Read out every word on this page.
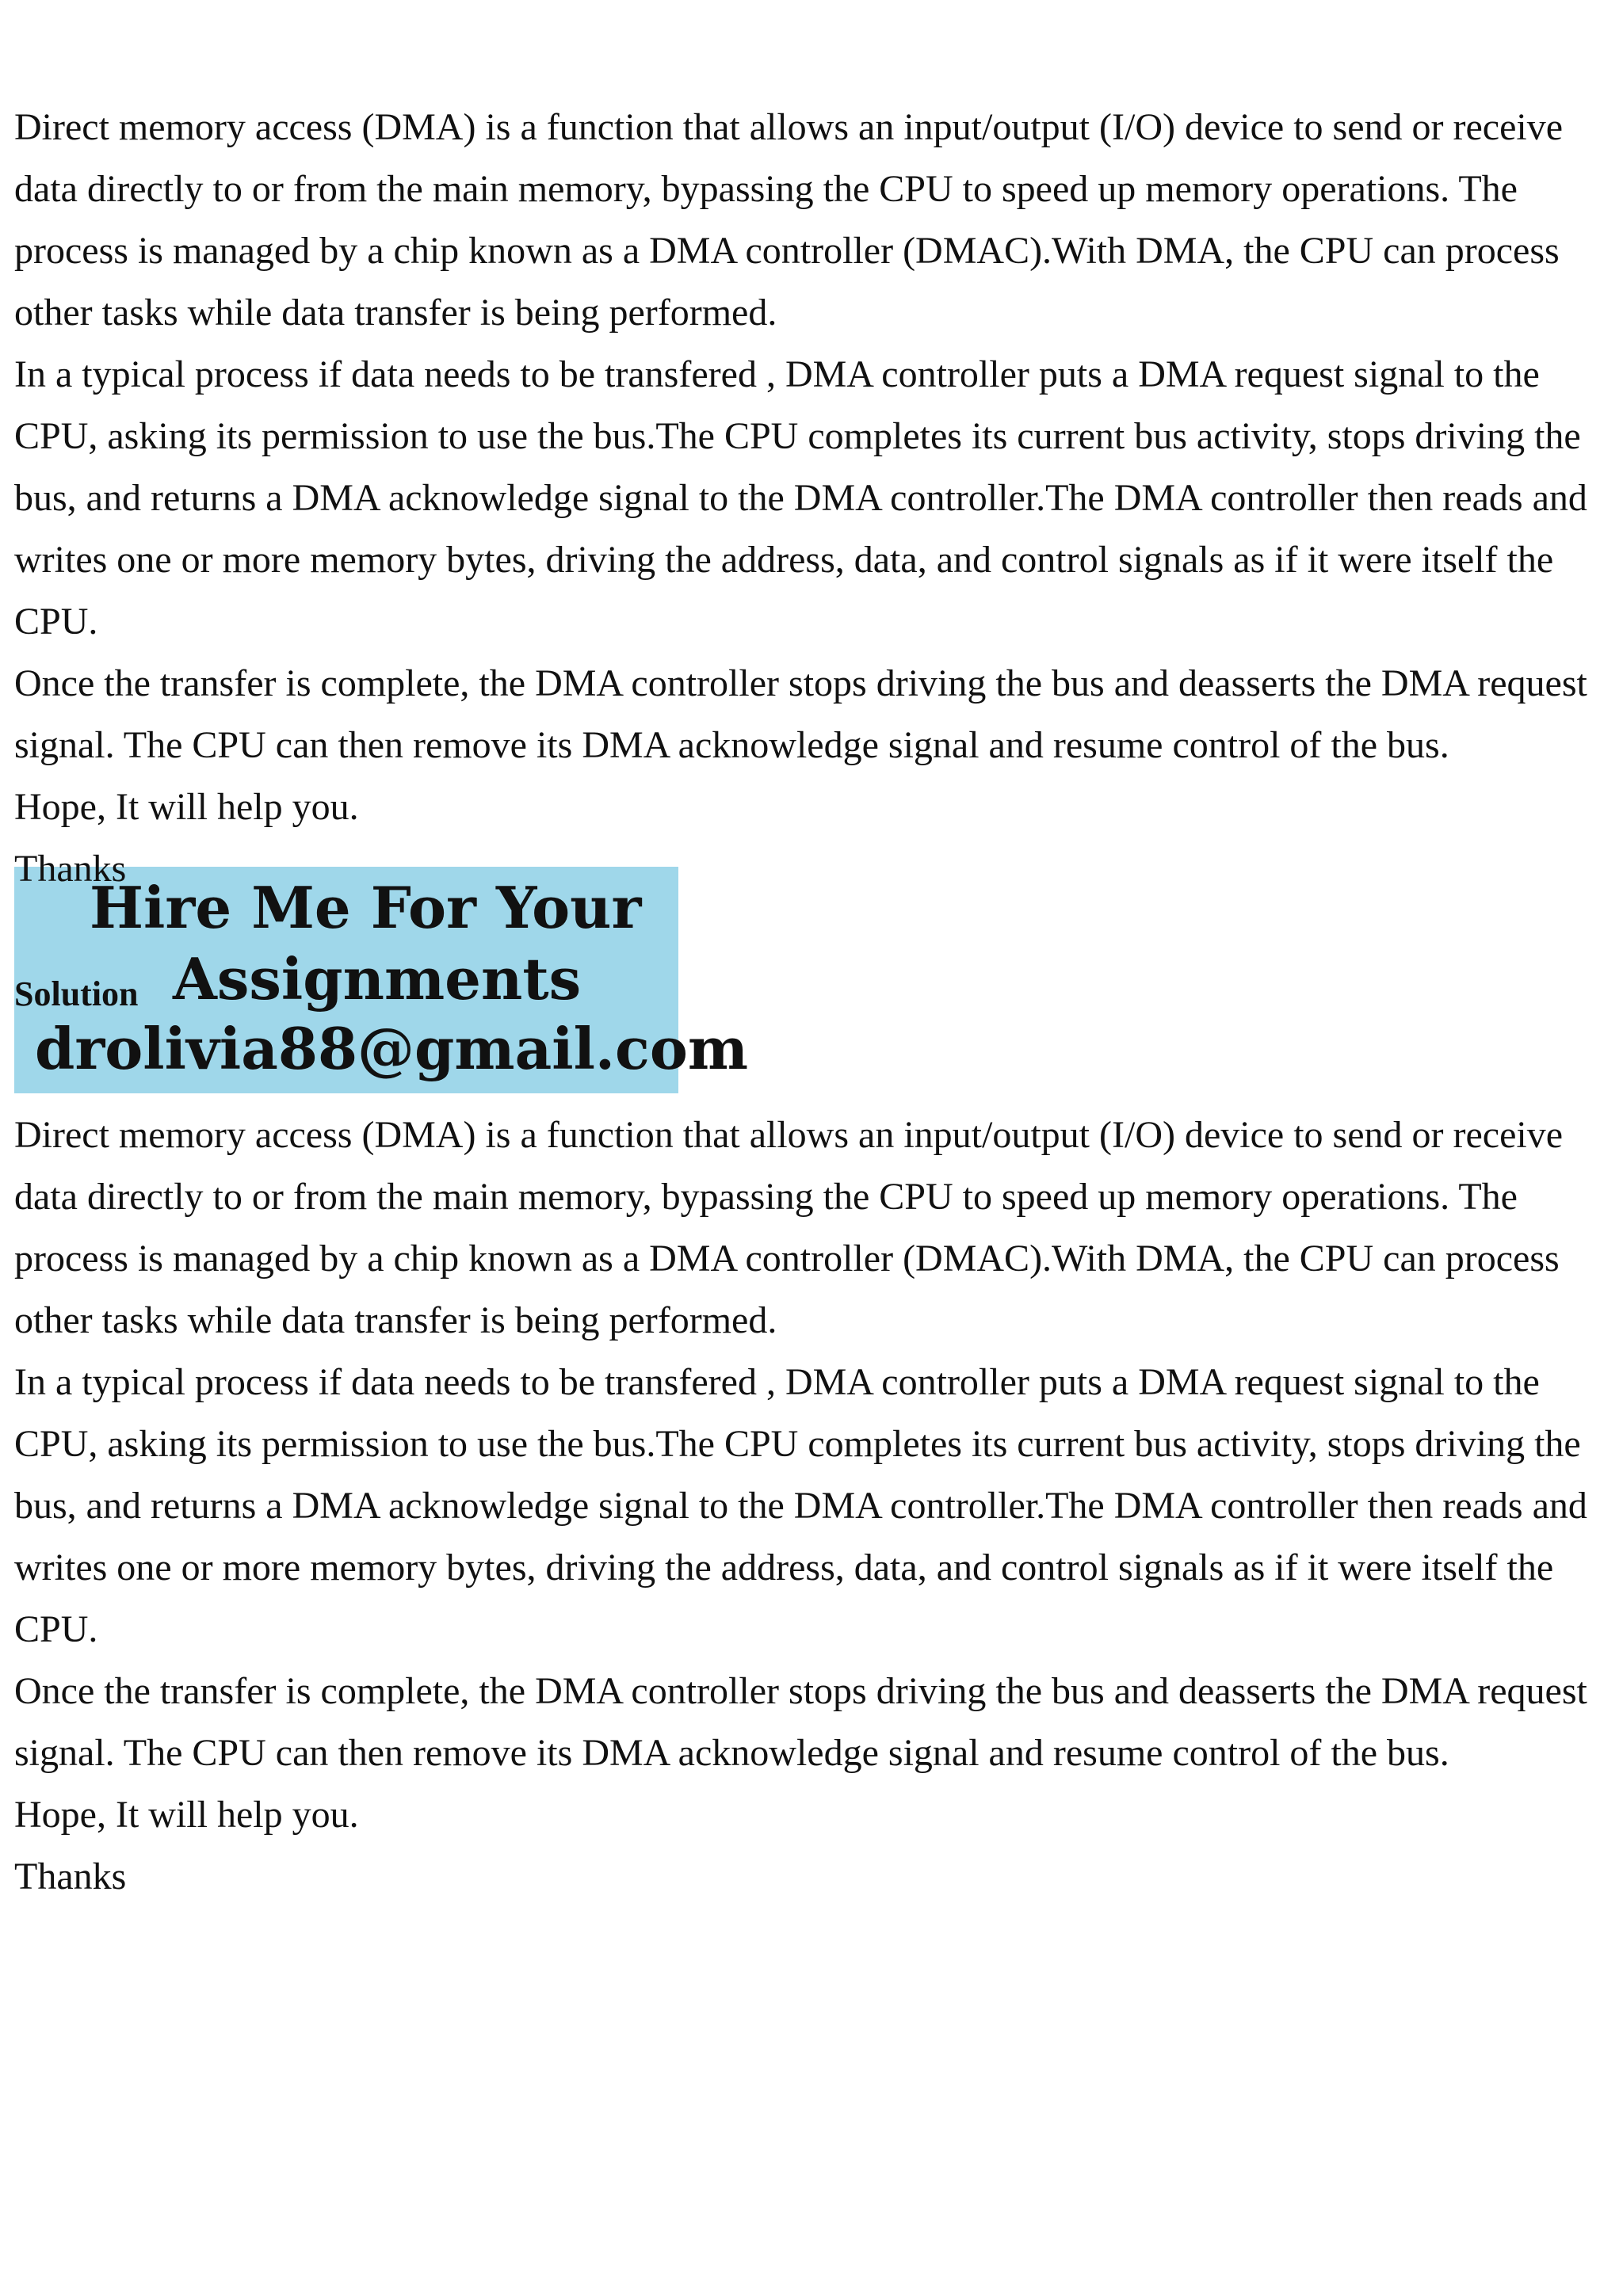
Direct memory access (DMA) is a function that allows an input/output (I/O) device to send or receive data directly to or from the main memory, bypassing the CPU to speed up memory operations. The process is managed by a chip known as a DMA controller (DMAC).With DMA, the CPU can process other tasks while data transfer is being performed.

In a typical process if data needs to be transfered , DMA controller puts a DMA request signal to the CPU, asking its permission to use the bus.The CPU completes its current bus activity, stops driving the bus, and returns a DMA acknowledge signal to the DMA controller.The DMA controller then reads and writes one or more memory bytes, driving the address, data, and control signals as if it were itself the CPU.

Once the transfer is complete, the DMA controller stops driving the bus and deasserts the DMA request signal. The CPU can then remove its DMA acknowledge signal and resume control of the bus.

Hope, It will help you.

Hire Me For Your
Solution Assignments
drolivia88@gmail.com

Direct memory access (DMA) is a function that allows an input/output (I/O) device to send or receive data directly to or from the main memory, bypassing the CPU to speed up memory operations. The process is managed by a chip known as a DMA controller (DMAC).With DMA, the CPU can process other tasks while data transfer is being performed.

In a typical process if data needs to be transfered , DMA controller puts a DMA request signal to the CPU, asking its permission to use the bus.The CPU completes its current bus activity, stops driving the bus, and returns a DMA acknowledge signal to the DMA controller.The DMA controller then reads and writes one or more memory bytes, driving the address, data, and control signals as if it were itself the CPU.

Once the transfer is complete, the DMA controller stops driving the bus and deasserts the DMA request signal. The CPU can then remove its DMA acknowledge signal and resume control of the bus.

Hope, It will help you.

Thanks
